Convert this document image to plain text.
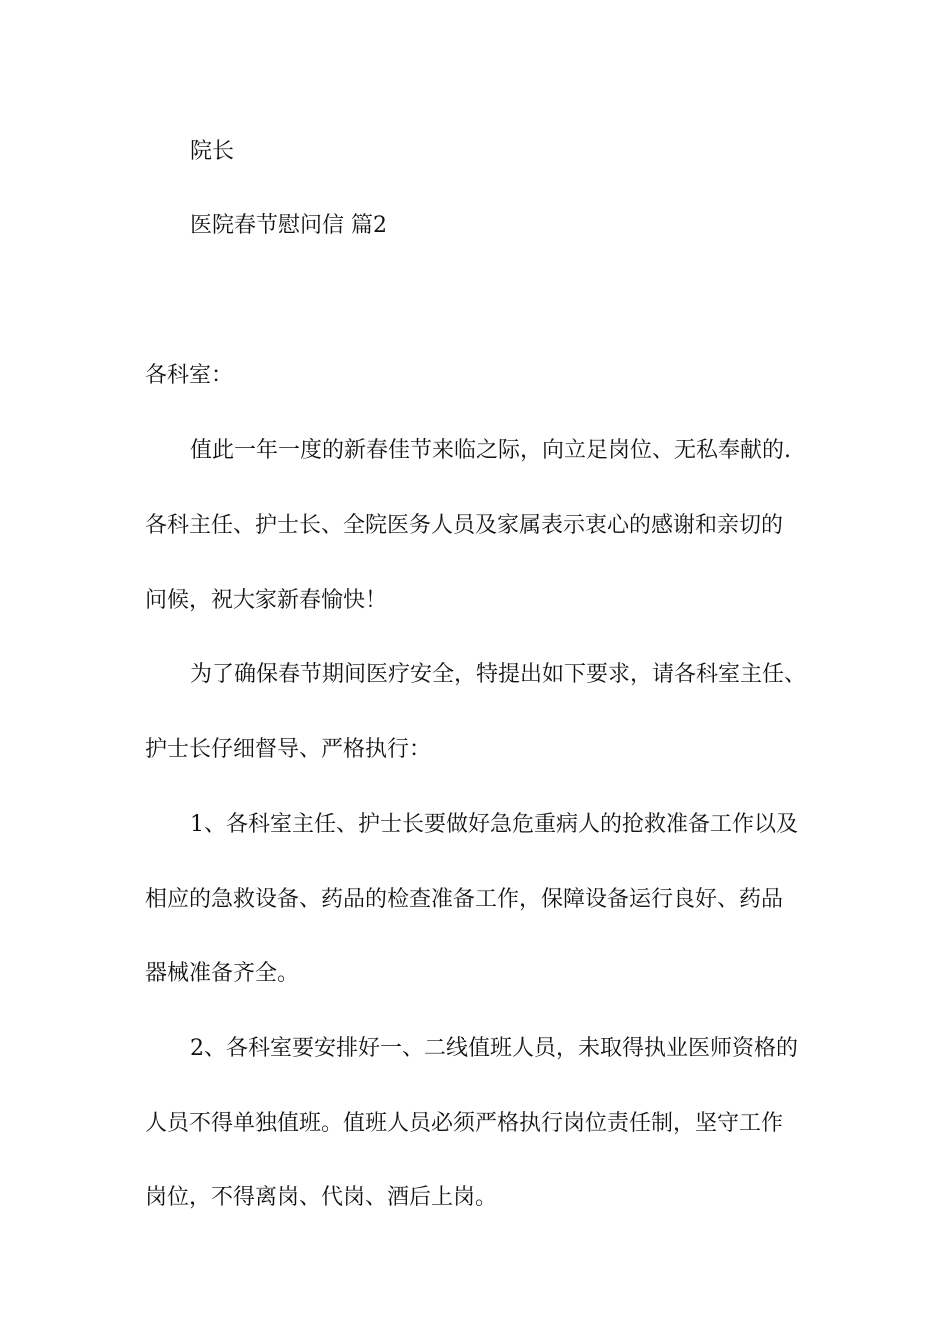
院长

医院春节慰问信 篇2

各科室：

值此一年一度的新春佳节来临之际，向立足岗位、无私奉献的.

各科主任、护士长、全院医务人员及家属表示衷心的感谢和亲切的

问候，祝大家新春愉快！

为了确保春节期间医疗安全，特提出如下要求，请各科室主任、

护士长仔细督导、严格执行：

1、各科室主任、护士长要做好急危重病人的抢救准备工作以及

相应的急救设备、药品的检查准备工作，保障设备运行良好、药品

器械准备齐全。

2、各科室要安排好一、二线值班人员，未取得执业医师资格的

人员不得单独值班。值班人员必须严格执行岗位责任制，坚守工作

岗位，不得离岗、代岗、酒后上岗。
